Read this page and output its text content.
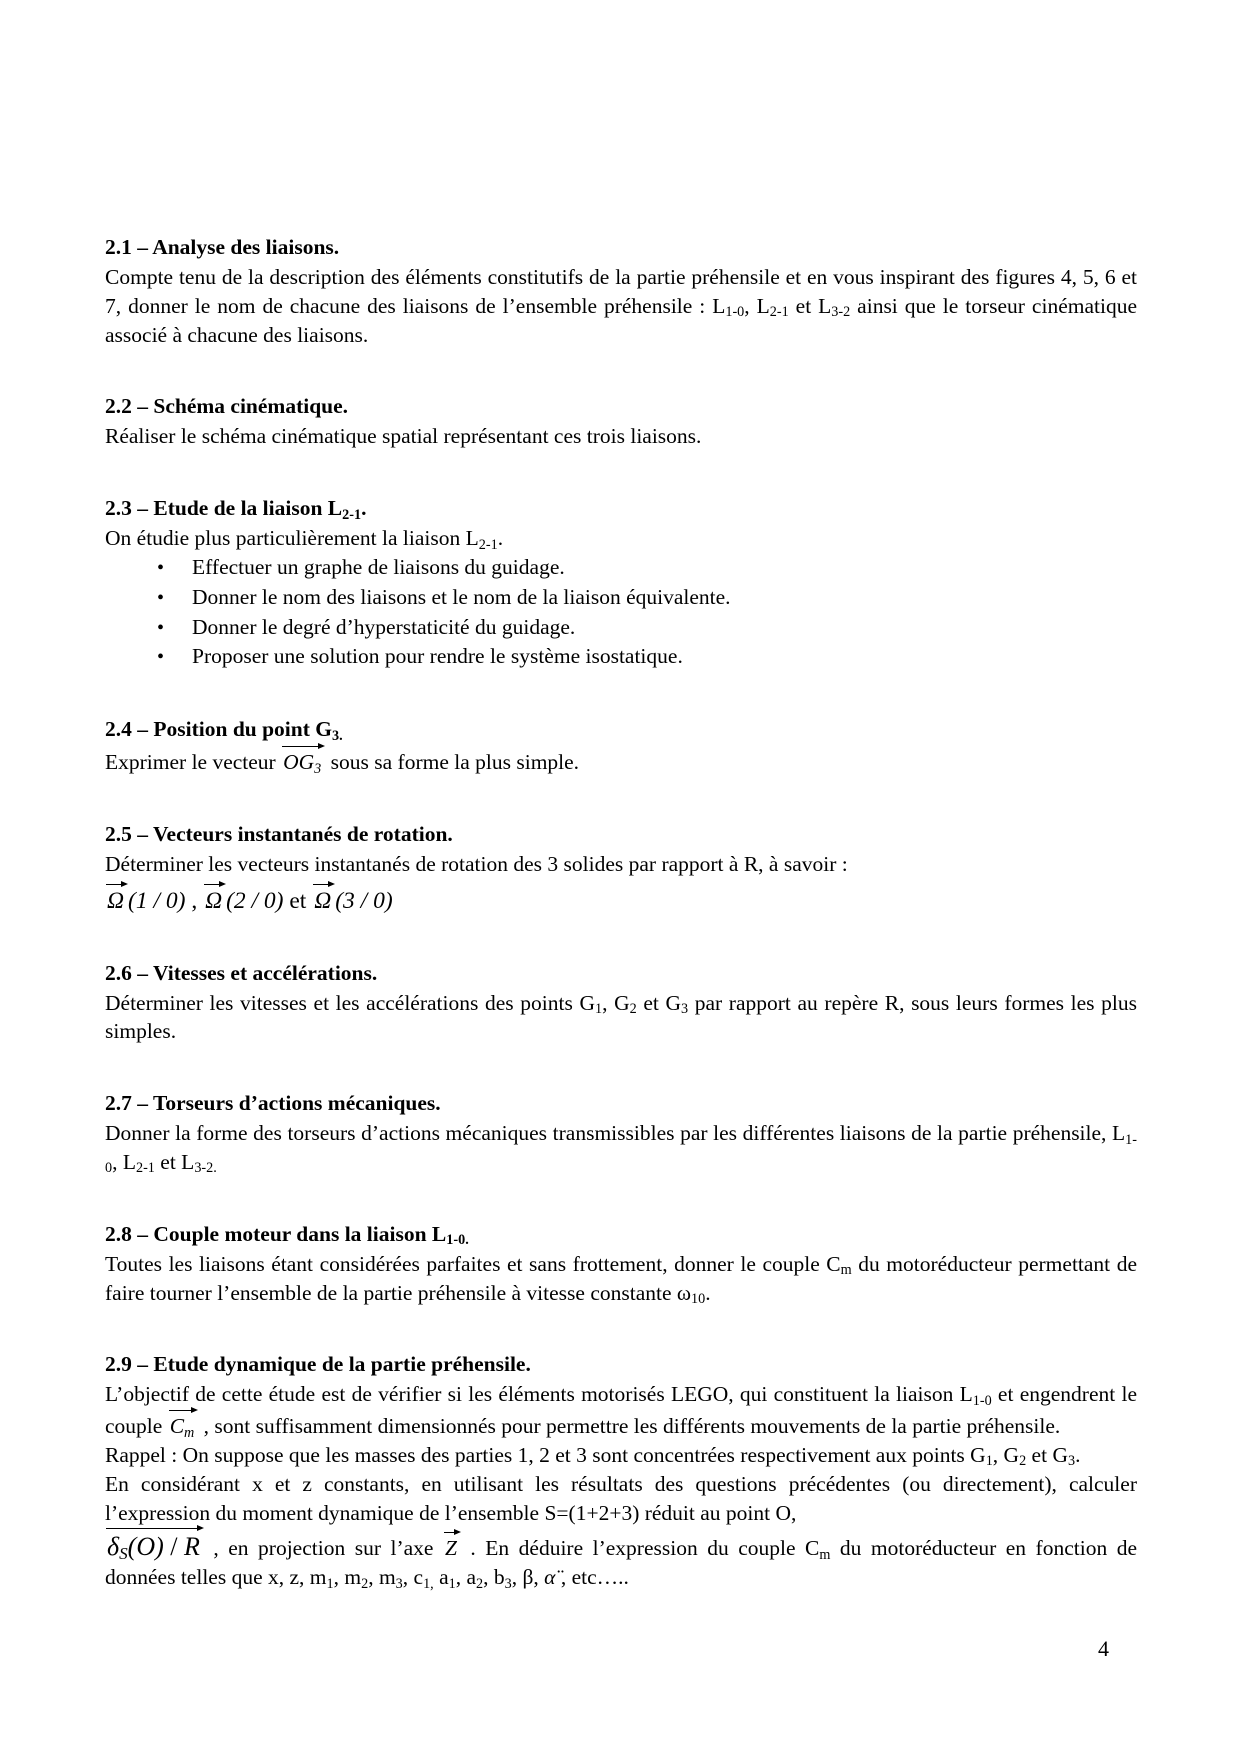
2.1 – Analyse des liaisons.
Compte tenu de la description des éléments constitutifs de la partie préhensile et en vous inspirant des figures 4, 5, 6 et 7, donner le nom de chacune des liaisons de l’ensemble préhensile : L1-0, L2-1 et L3-2 ainsi que le torseur cinématique associé à chacune des liaisons.
2.2 – Schéma cinématique.
Réaliser le schéma cinématique spatial représentant ces trois liaisons.
2.3 – Etude de la liaison L2-1.
On étudie plus particulièrement la liaison L2-1.
•	Effectuer un graphe de liaisons du guidage.
•	Donner le nom des liaisons et le nom de la liaison équivalente.
•	Donner le degré d’hyperstaticité du guidage.
•	Proposer une solution pour rendre le système isostatique.
2.4 – Position du point G3.
Exprimer le vecteur OG3 sous sa forme la plus simple.
2.5 – Vecteurs instantanés de rotation.
Déterminer les vecteurs instantanés de rotation des 3 solides par rapport à R, à savoir :
Ω (1 / 0) , Ω (2 / 0) et Ω (3 / 0)
2.6 – Vitesses et accélérations.
Déterminer les vitesses et les accélérations des points G1, G2 et G3 par rapport au repère R, sous leurs formes les plus simples.
2.7 – Torseurs d’actions mécaniques.
Donner la forme des torseurs d’actions mécaniques transmissibles par les différentes liaisons de la partie préhensile, L1-0, L2-1 et L3-2.
2.8 – Couple moteur dans la liaison L1-0.
Toutes les liaisons étant considérées parfaites et sans frottement, donner le couple Cm du motoréducteur permettant de faire tourner l’ensemble de la partie préhensile à vitesse constante ω10.
2.9 – Etude dynamique de la partie préhensile.
L’objectif de cette étude est de vérifier si les éléments motorisés LEGO, qui constituent la liaison L1-0 et engendrent le couple Cm , sont suffisamment dimensionnés pour permettre les différents mouvements de la partie préhensile.
Rappel : On suppose que les masses des parties 1, 2 et 3 sont concentrées respectivement aux points G1, G2 et G3.
En considérant x et z constants, en utilisant les résultats des questions précédentes (ou directement), calculer l’expression du moment dynamique de l’ensemble S=(1+2+3) réduit au point O,
δS(O) / R , en projection sur l’axe Z . En déduire l’expression du couple Cm du motoréducteur en fonction de données telles que x, z, m1, m2, m3, c1, a1, a2, b3, β, α̈ , etc…..
4
